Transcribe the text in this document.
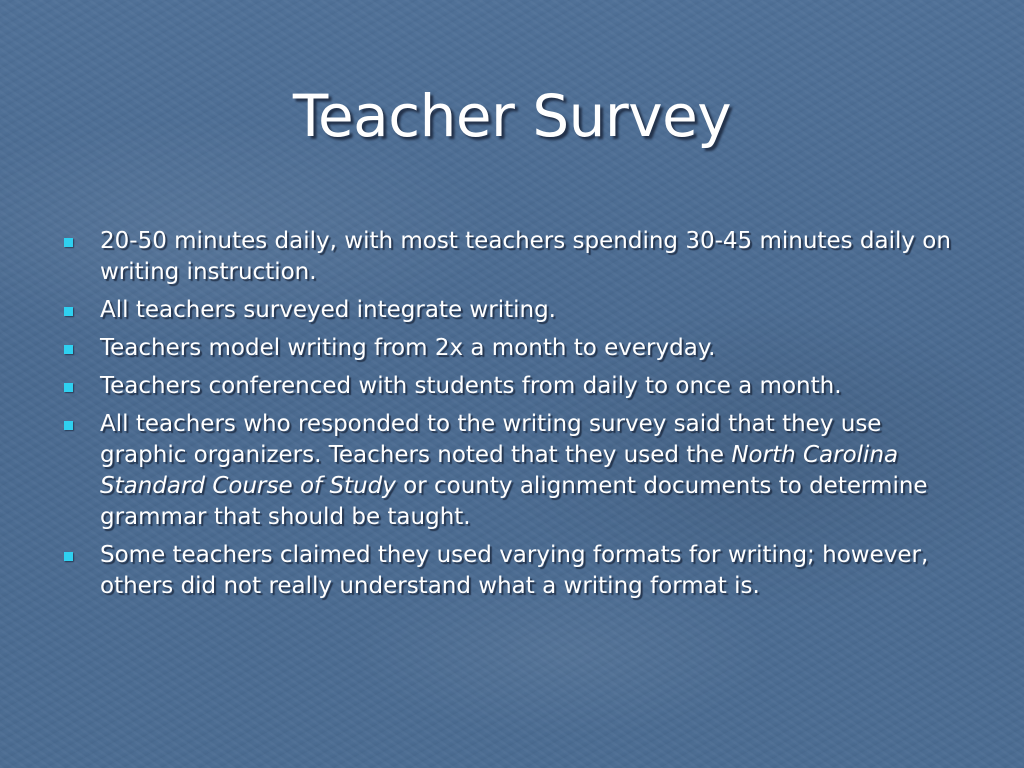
Teacher Survey
20-50 minutes daily, with most teachers spending 30-45 minutes daily on writing instruction.
All teachers surveyed integrate writing.
Teachers model writing from 2x a month to everyday.
Teachers conferenced with students from daily to once a month.
All teachers who responded to the writing survey said that they use graphic organizers. Teachers noted that they used the North Carolina Standard Course of Study or county alignment documents to determine grammar that should be taught.
Some teachers claimed they used varying formats for writing; however, others did not really understand what a writing format is.
